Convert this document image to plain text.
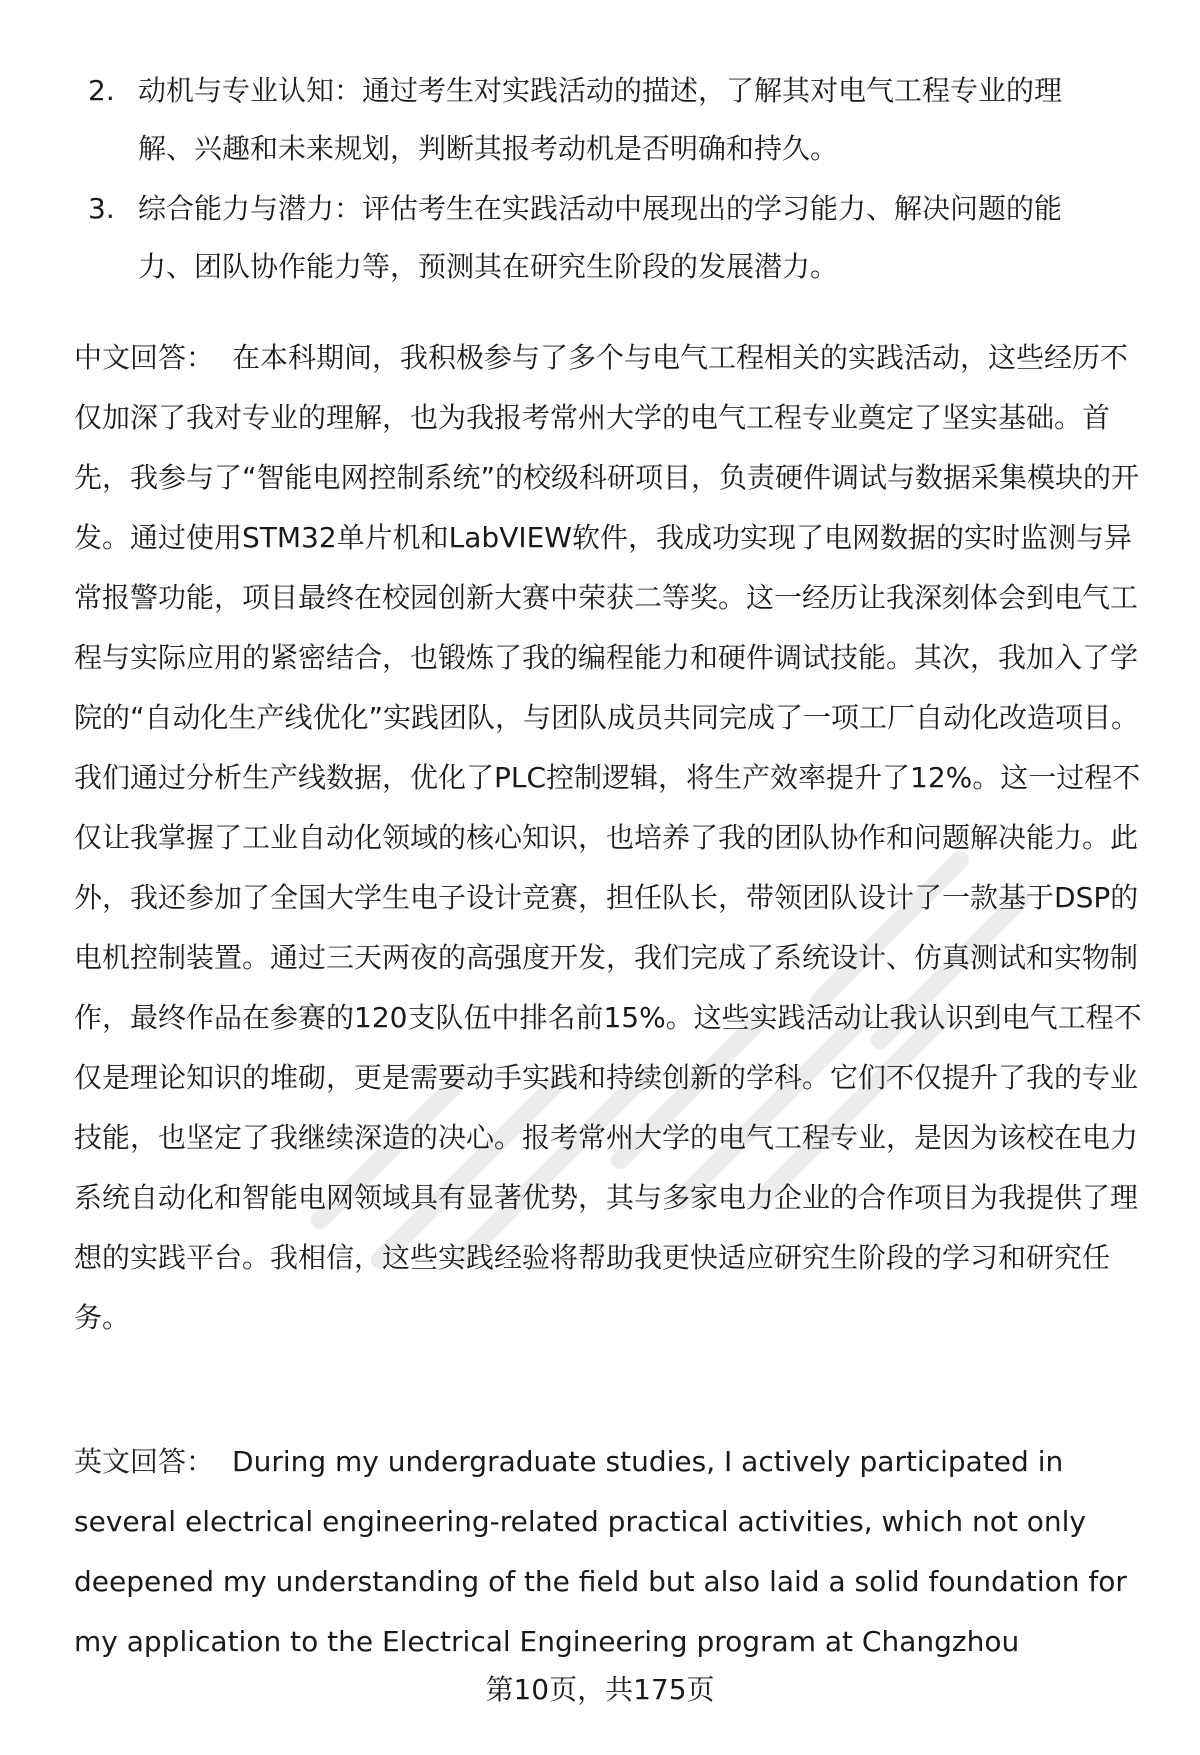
2. 动机与专业认知：通过考生对实践活动的描述，了解其对电气工程专业的理解、兴趣和未来规划，判断其报考动机是否明确和持久。
3. 综合能力与潜力：评估考生在实践活动中展现出的学习能力、解决问题的能力、团队协作能力等，预测其在研究生阶段的发展潜力。
中文回答： 在本科期间，我积极参与了多个与电气工程相关的实践活动，这些经历不仅加深了我对专业的理解，也为我报考常州大学的电气工程专业奠定了坚实基础。首先，我参与了“智能电网控制系统”的校级科研项目，负责硬件调试与数据采集模块的开发。通过使用STM32单片机和LabVIEW软件，我成功实现了电网数据的实时监测与异常报警功能，项目最终在校园创新大赛中荣获二等奖。这一经历让我深刻体会到电气工程与实际应用的紧密结合，也锻炼了我的编程能力和硬件调试技能。其次，我加入了学院的“自动化生产线优化”实践团队，与团队成员共同完成了一项工厂自动化改造项目。我们通过分析生产线数据，优化了PLC控制逻辑，将生产效率提升了12%。这一过程不仅让我掌握了工业自动化领域的核心知识，也培养了我的团队协作和问题解决能力。此外，我还参加了全国大学生电子设计竞赛，担任队长，带领团队设计了一款基于DSP的电机控制装置。通过三天两夜的高强度开发，我们完成了系统设计、仿真测试和实物制作，最终作品在参赛的120支队伍中排名前15%。这些实践活动让我认识到电气工程不仅是理论知识的堆砌，更是需要动手实践和持续创新的学科。它们不仅提升了我的专业技能，也坚定了我继续深造的决心。报考常州大学的电气工程专业，是因为该校在电力系统自动化和智能电网领域具有显著优势，其与多家电力企业的合作项目为我提供了理想的实践平台。我相信，这些实践经验将帮助我更快适应研究生阶段的学习和研究任务。
英文回答： During my undergraduate studies, I actively participated in several electrical engineering-related practical activities, which not only deepened my understanding of the field but also laid a solid foundation for my application to the Electrical Engineering program at Changzhou
第10页，共175页
